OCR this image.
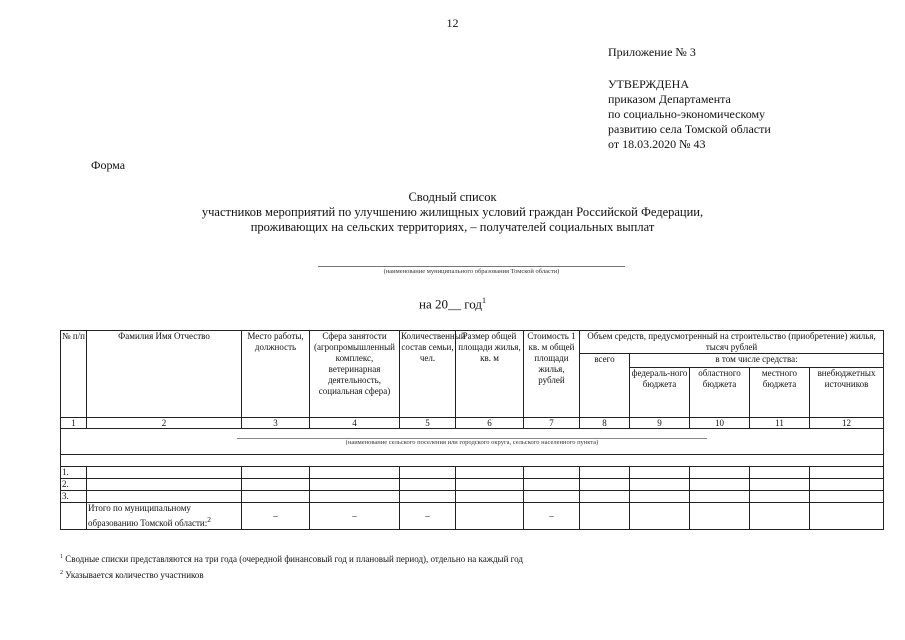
12
Приложение № 3
УТВЕРЖДЕНА
приказом Департамента
по социально-экономическому
развитию села Томской области
от 18.03.2020 № 43
Форма
Сводный список
участников мероприятий по улучшению жилищных условий граждан Российской Федерации,
проживающих на сельских территориях, – получателей социальных выплат
(наименование муниципального образования Томской области)
на 20__ год$^1$
№ п/п	Фамилия Имя Отчество	Место работы, должность	Сфера занятости (агропромышленный комплекс, ветеринарная деятельность, социальная сфера)	Количественный состав семьи, чел.	Размер общей площади жилья, кв. м	Стоимость 1 кв. м общей площади жилья, рублей	Объем средств, предусмотренный на строительство (приобретение) жилья, тысяч рублей				
							всего	в том числе средства:			
								федераль-ного бюджета	областного бюджета	местного бюджета	внебюджетных источников
1	2	3	4	5	6	7	8	9	10	11	12

(наименование сельского поселения или городского округа, сельского населенного пункта)											

1.											
2.											
3.											
	Итого по муниципальному образованию Томской области:$^2$	–	–	–		–					
$^1$ Сводные списки представляются на три года (очередной финансовый год и плановый период), отдельно на каждый год
$^2$ Указывается количество участников
